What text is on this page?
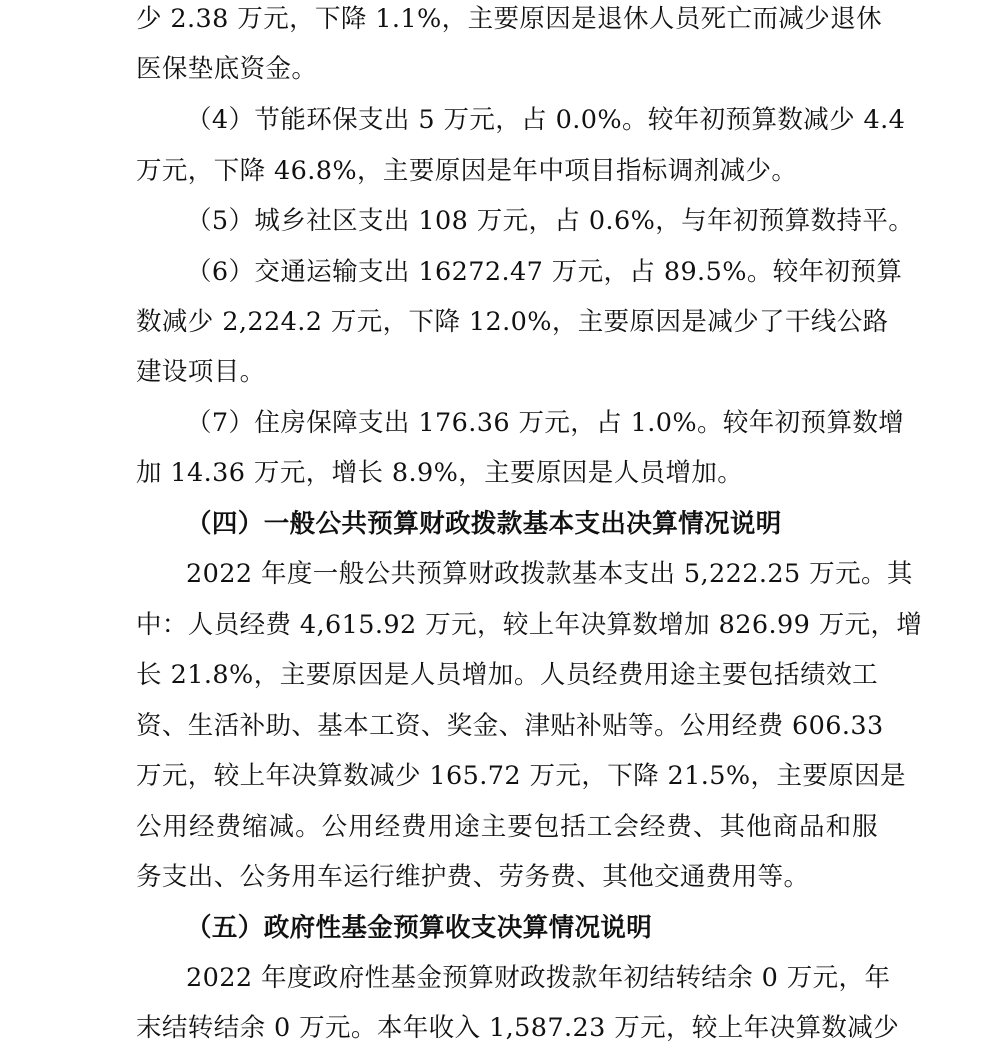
少 2.38 万元，下降 1.1%，主要原因是退休人员死亡而减少退休
医保垫底资金。
（4）节能环保支出 5 万元，占 0.0%。较年初预算数减少 4.4
万元，下降 46.8%，主要原因是年中项目指标调剂减少。
（5）城乡社区支出 108 万元，占 0.6%，与年初预算数持平。
（6）交通运输支出 16272.47 万元，占 89.5%。较年初预算
数减少 2,224.2 万元，下降 12.0%，主要原因是减少了干线公路
建设项目。
（7）住房保障支出 176.36 万元，占 1.0%。较年初预算数增
加 14.36 万元，增长 8.9%，主要原因是人员增加。
（四）一般公共预算财政拨款基本支出决算情况说明
2022 年度一般公共预算财政拨款基本支出 5,222.25 万元。其
中：人员经费 4,615.92 万元，较上年决算数增加 826.99 万元，增
长 21.8%，主要原因是人员增加。人员经费用途主要包括绩效工
资、生活补助、基本工资、奖金、津贴补贴等。公用经费 606.33
万元，较上年决算数减少 165.72 万元，下降 21.5%，主要原因是
公用经费缩减。公用经费用途主要包括工会经费、其他商品和服
务支出、公务用车运行维护费、劳务费、其他交通费用等。
（五）政府性基金预算收支决算情况说明
2022 年度政府性基金预算财政拨款年初结转结余 0 万元，年
末结转结余 0 万元。本年收入 1,587.23 万元，较上年决算数减少
